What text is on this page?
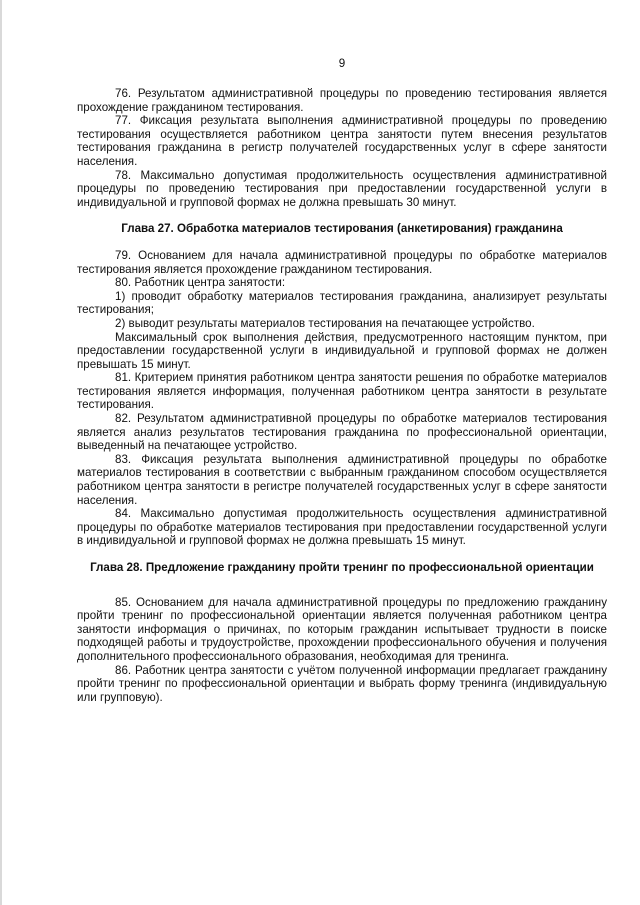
9

76. Результатом административной процедуры по проведению тестирования является прохождение гражданином тестирования.

77. Фиксация результата выполнения административной процедуры по проведению тестирования осуществляется работником центра занятости путем внесения результатов тестирования гражданина в регистр получателей государственных услуг в сфере занятости населения.

78. Максимально допустимая продолжительность осуществления административной процедуры по проведению тестирования при предоставлении государственной услуги в индивидуальной и групповой формах не должна превышать 30 минут.

Глава 27. Обработка материалов тестирования (анкетирования) гражданина

79. Основанием для начала административной процедуры по обработке материалов тестирования является прохождение гражданином тестирования.

80. Работник центра занятости:

1) проводит обработку материалов тестирования гражданина, анализирует результаты тестирования;

2) выводит результаты материалов тестирования на печатающее устройство.

Максимальный срок выполнения действия, предусмотренного настоящим пунктом, при предоставлении государственной услуги в индивидуальной и групповой формах не должен превышать 15 минут.

81. Критерием принятия работником центра занятости решения по обработке материалов тестирования является информация, полученная работником центра занятости в результате тестирования.

82. Результатом административной процедуры по обработке материалов тестирования является анализ результатов тестирования гражданина по профессиональной ориентации, выведенный на печатающее устройство.

83. Фиксация результата выполнения административной процедуры по обработке материалов тестирования в соответствии с выбранным гражданином способом осуществляется работником центра занятости в регистре получателей государственных услуг в сфере занятости населения.

84. Максимально допустимая продолжительность осуществления административной процедуры по обработке материалов тестирования при предоставлении государственной услуги в индивидуальной и групповой формах не должна превышать 15 минут.

Глава 28. Предложение гражданину пройти тренинг по профессиональной ориентации

85. Основанием для начала административной процедуры по предложению гражданину пройти тренинг по профессиональной ориентации является полученная работником центра занятости информация о причинах, по которым гражданин испытывает трудности в поиске подходящей работы и трудоустройстве, прохождении профессионального обучения и получения дополнительного профессионального образования, необходимая для тренинга.

86. Работник центра занятости с учётом полученной информации предлагает гражданину пройти тренинг по профессиональной ориентации и выбрать форму тренинга (индивидуальную или групповую).
